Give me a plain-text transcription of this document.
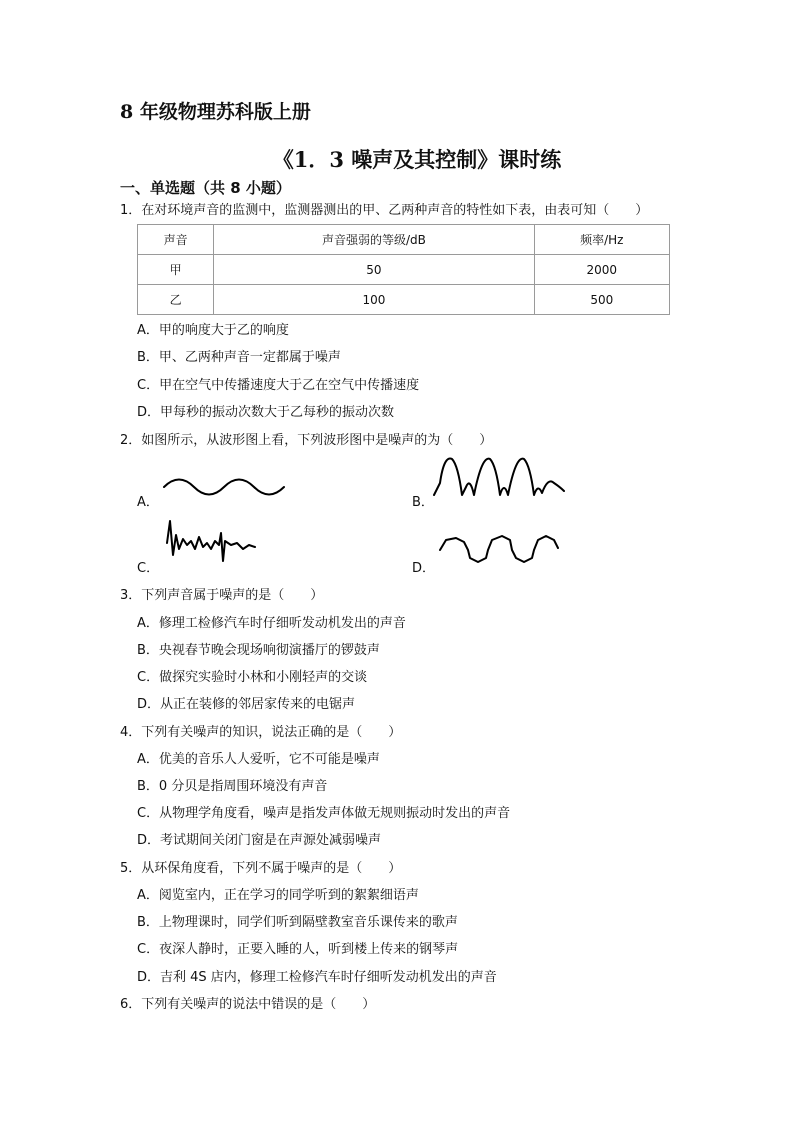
8 年级物理苏科版上册
《1．3 噪声及其控制》课时练
一、单选题（共 8 小题）
1．在对环境声音的监测中，监测器测出的甲、乙两种声音的特性如下表，由表可知（　　）
声音	声音强弱的等级/dB	频率/Hz
甲	50	2000
乙	100	500
A．甲的响度大于乙的响度
B．甲、乙两种声音一定都属于噪声
C．甲在空气中传播速度大于乙在空气中传播速度
D．甲每秒的振动次数大于乙每秒的振动次数
2．如图所示，从波形图上看，下列波形图中是噪声的为（　　）
A．	B．
C．	D．
3．下列声音属于噪声的是（　　）
A．修理工检修汽车时仔细听发动机发出的声音
B．央视春节晚会现场响彻演播厅的锣鼓声
C．做探究实验时小林和小刚轻声的交谈
D．从正在装修的邻居家传来的电锯声
4．下列有关噪声的知识，说法正确的是（　　）
A．优美的音乐人人爱听，它不可能是噪声
B．0 分贝是指周围环境没有声音
C．从物理学角度看，噪声是指发声体做无规则振动时发出的声音
D．考试期间关闭门窗是在声源处减弱噪声
5．从环保角度看，下列不属于噪声的是（　　）
A．阅览室内，正在学习的同学听到的絮絮细语声
B．上物理课时，同学们听到隔壁教室音乐课传来的歌声
C．夜深人静时，正要入睡的人，听到楼上传来的钢琴声
D．吉利 4S 店内，修理工检修汽车时仔细听发动机发出的声音
6．下列有关噪声的说法中错误的是（　　）
